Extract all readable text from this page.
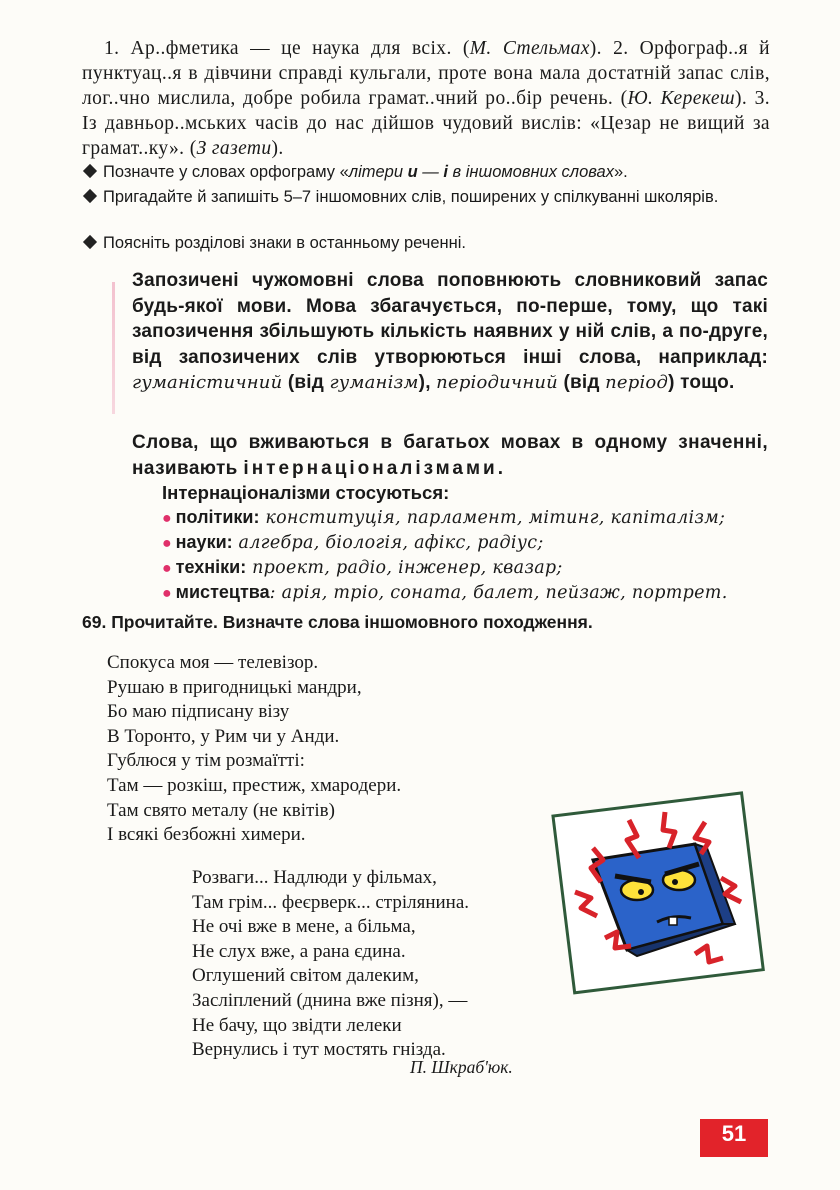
1. Ар..фметика — це наука для всіх. (М. Стельмах). 2. Орфограф..я й пунктуац..я в дівчини справді кульгали, проте вона мала достатній запас слів, лог..чно мислила, добре робила грамат..чний ро..бір речень. (Ю. Керекеш). 3. Із давньор..мських часів до нас дійшов чудовий вислів: «Цезар не вищий за грамат..ку». (З газети).

Позначте у словах орфограму «літери и — і в іншомовних словах».
Пригадайте й запишіть 5–7 іншомовних слів, поширених у спілкуванні школярів.
Поясніть розділові знаки в останньому реченні.
Запозичені чужомовні слова поповнюють словниковий запас будь-якої мови. Мова збагачується, по-перше, тому, що такі запозичення збільшують кількість наявних у ній слів, а по-друге, від запозичених слів утворюються інші слова, наприклад: гуманістичний (від гуманізм), періодичний (від період) тощо.
Слова, що вживаються в багатьох мовах в одному значенні, називають інтернаціоналізмами.
Інтернаціоналізми стосуються:
● політики: конституція, парламент, мітинг, капіталізм;
● науки: алгебра, біологія, афікс, радіус;
● техніки: проект, радіо, інженер, квазар;
● мистецтва: арія, тріо, соната, балет, пейзаж, портрет.
69. Прочитайте. Визначте слова іншомовного походження.
Спокуса моя — телевізор.
Рушаю в пригодницькі мандри,
Бо маю підписану візу
В Торонто, у Рим чи у Анди.
Гублюся у тім розмаїтті:
Там — розкіш, престиж, хмародери.
Там свято металу (не квітів)
І всякі безбожні химери.
Розваги... Надлюди у фільмах,
Там грім... феєрверк... стрілянина.
Не очі вже в мене, а більма,
Не слух вже, а рана єдина.
Оглушений світом далеким,
Засліплений (днина вже пізня), —
Не бачу, що звідти лелеки
Вернулись і тут мостять гнізда.
П. Шкраб'юк.
51
